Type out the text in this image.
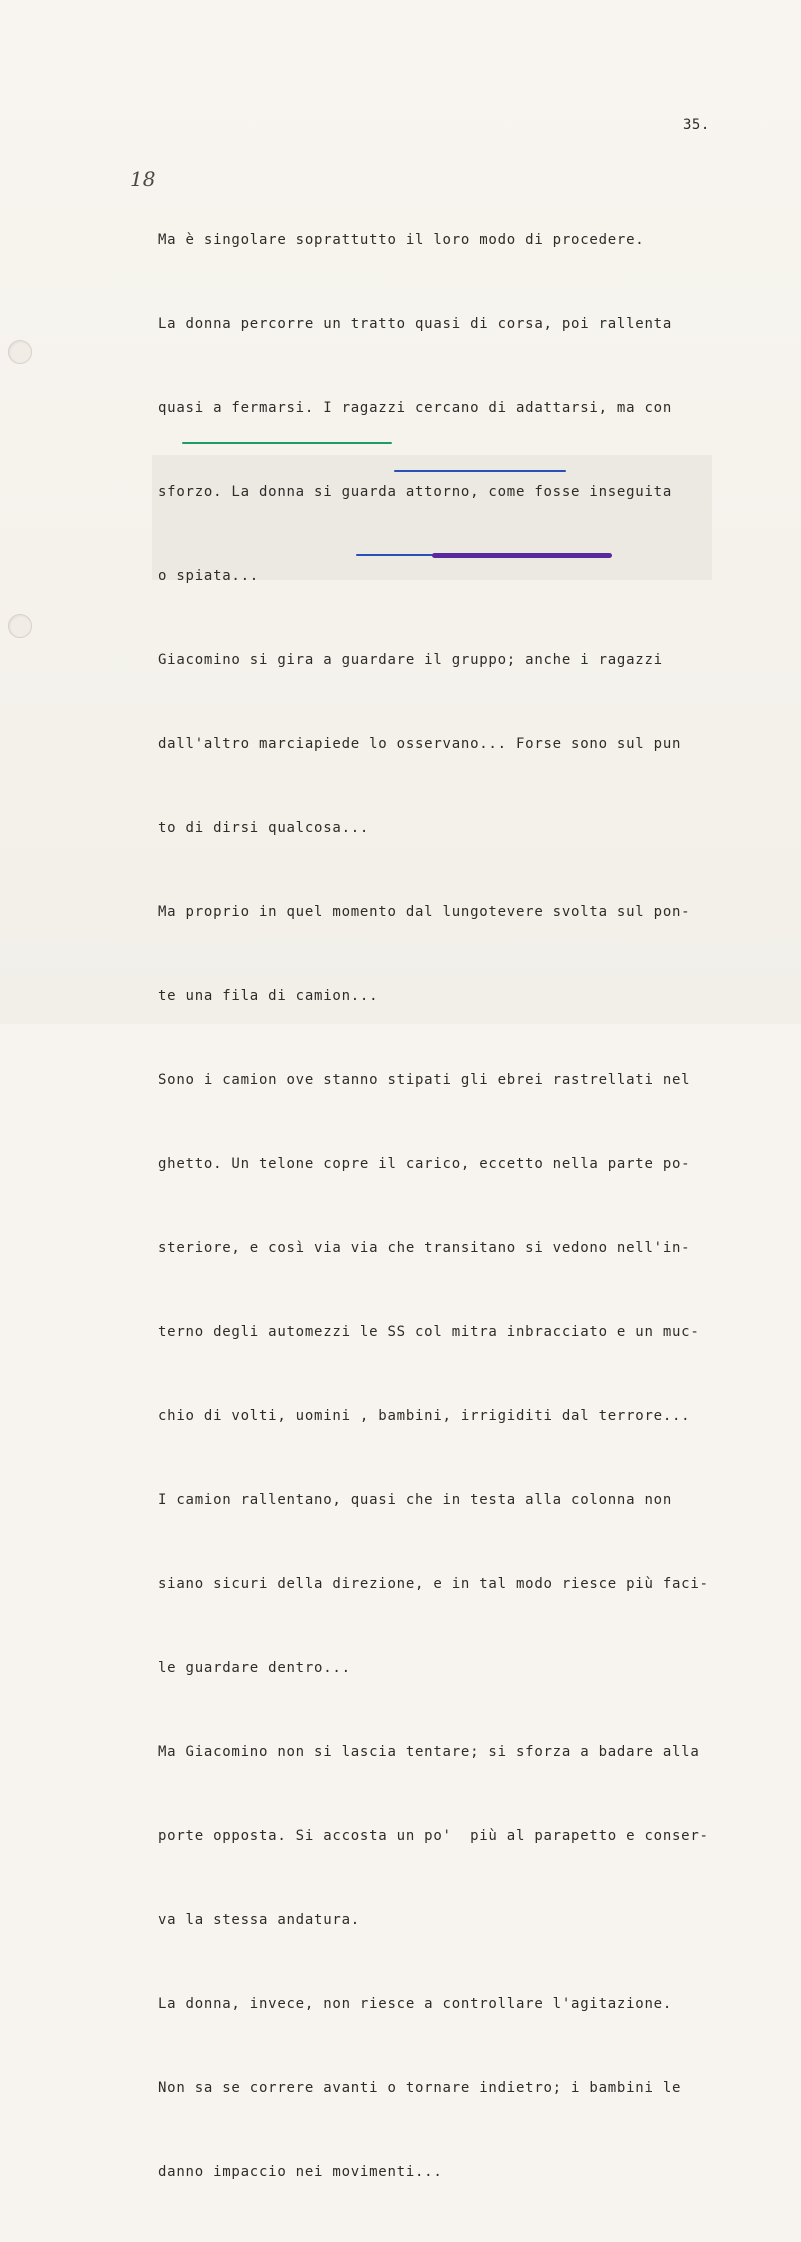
18
35.

Ma è singolare soprattutto il loro modo di procedere.

La donna percorre un tratto quasi di corsa, poi rallenta

quasi a fermarsi. I ragazzi cercano di adattarsi, ma con

sforzo. La donna si guarda attorno, come fosse inseguita

o spiata...

Giacomino si gira a guardare il gruppo; anche i ragazzi

dall'altro marciapiede lo osservano... Forse sono sul pun

to di dirsi qualcosa...

Ma proprio in quel momento dal lungotevere svolta sul pon-

te una fila di camion...

Sono i camion ove stanno stipati gli ebrei rastrellati nel

ghetto. Un telone copre il carico, eccetto nella parte po-

steriore, e così via via che transitano si vedono nell'in-

terno degli automezzi le SS col mitra inbracciato e un muc-

chio di volti, uomini , bambini, irrigiditi dal terrore...

I camion rallentano, quasi che in testa alla colonna non

siano sicuri della direzione, e in tal modo riesce più faci-

le guardare dentro...

Ma Giacomino non si lascia tentare; si sforza a badare alla

porte opposta. Si accosta un po'  più al parapetto e conser-

va la stessa andatura.

La donna, invece, non riesce a controllare l'agitazione.

Non sa se correre avanti o tornare indietro; i bambini le

danno impaccio nei movimenti...
